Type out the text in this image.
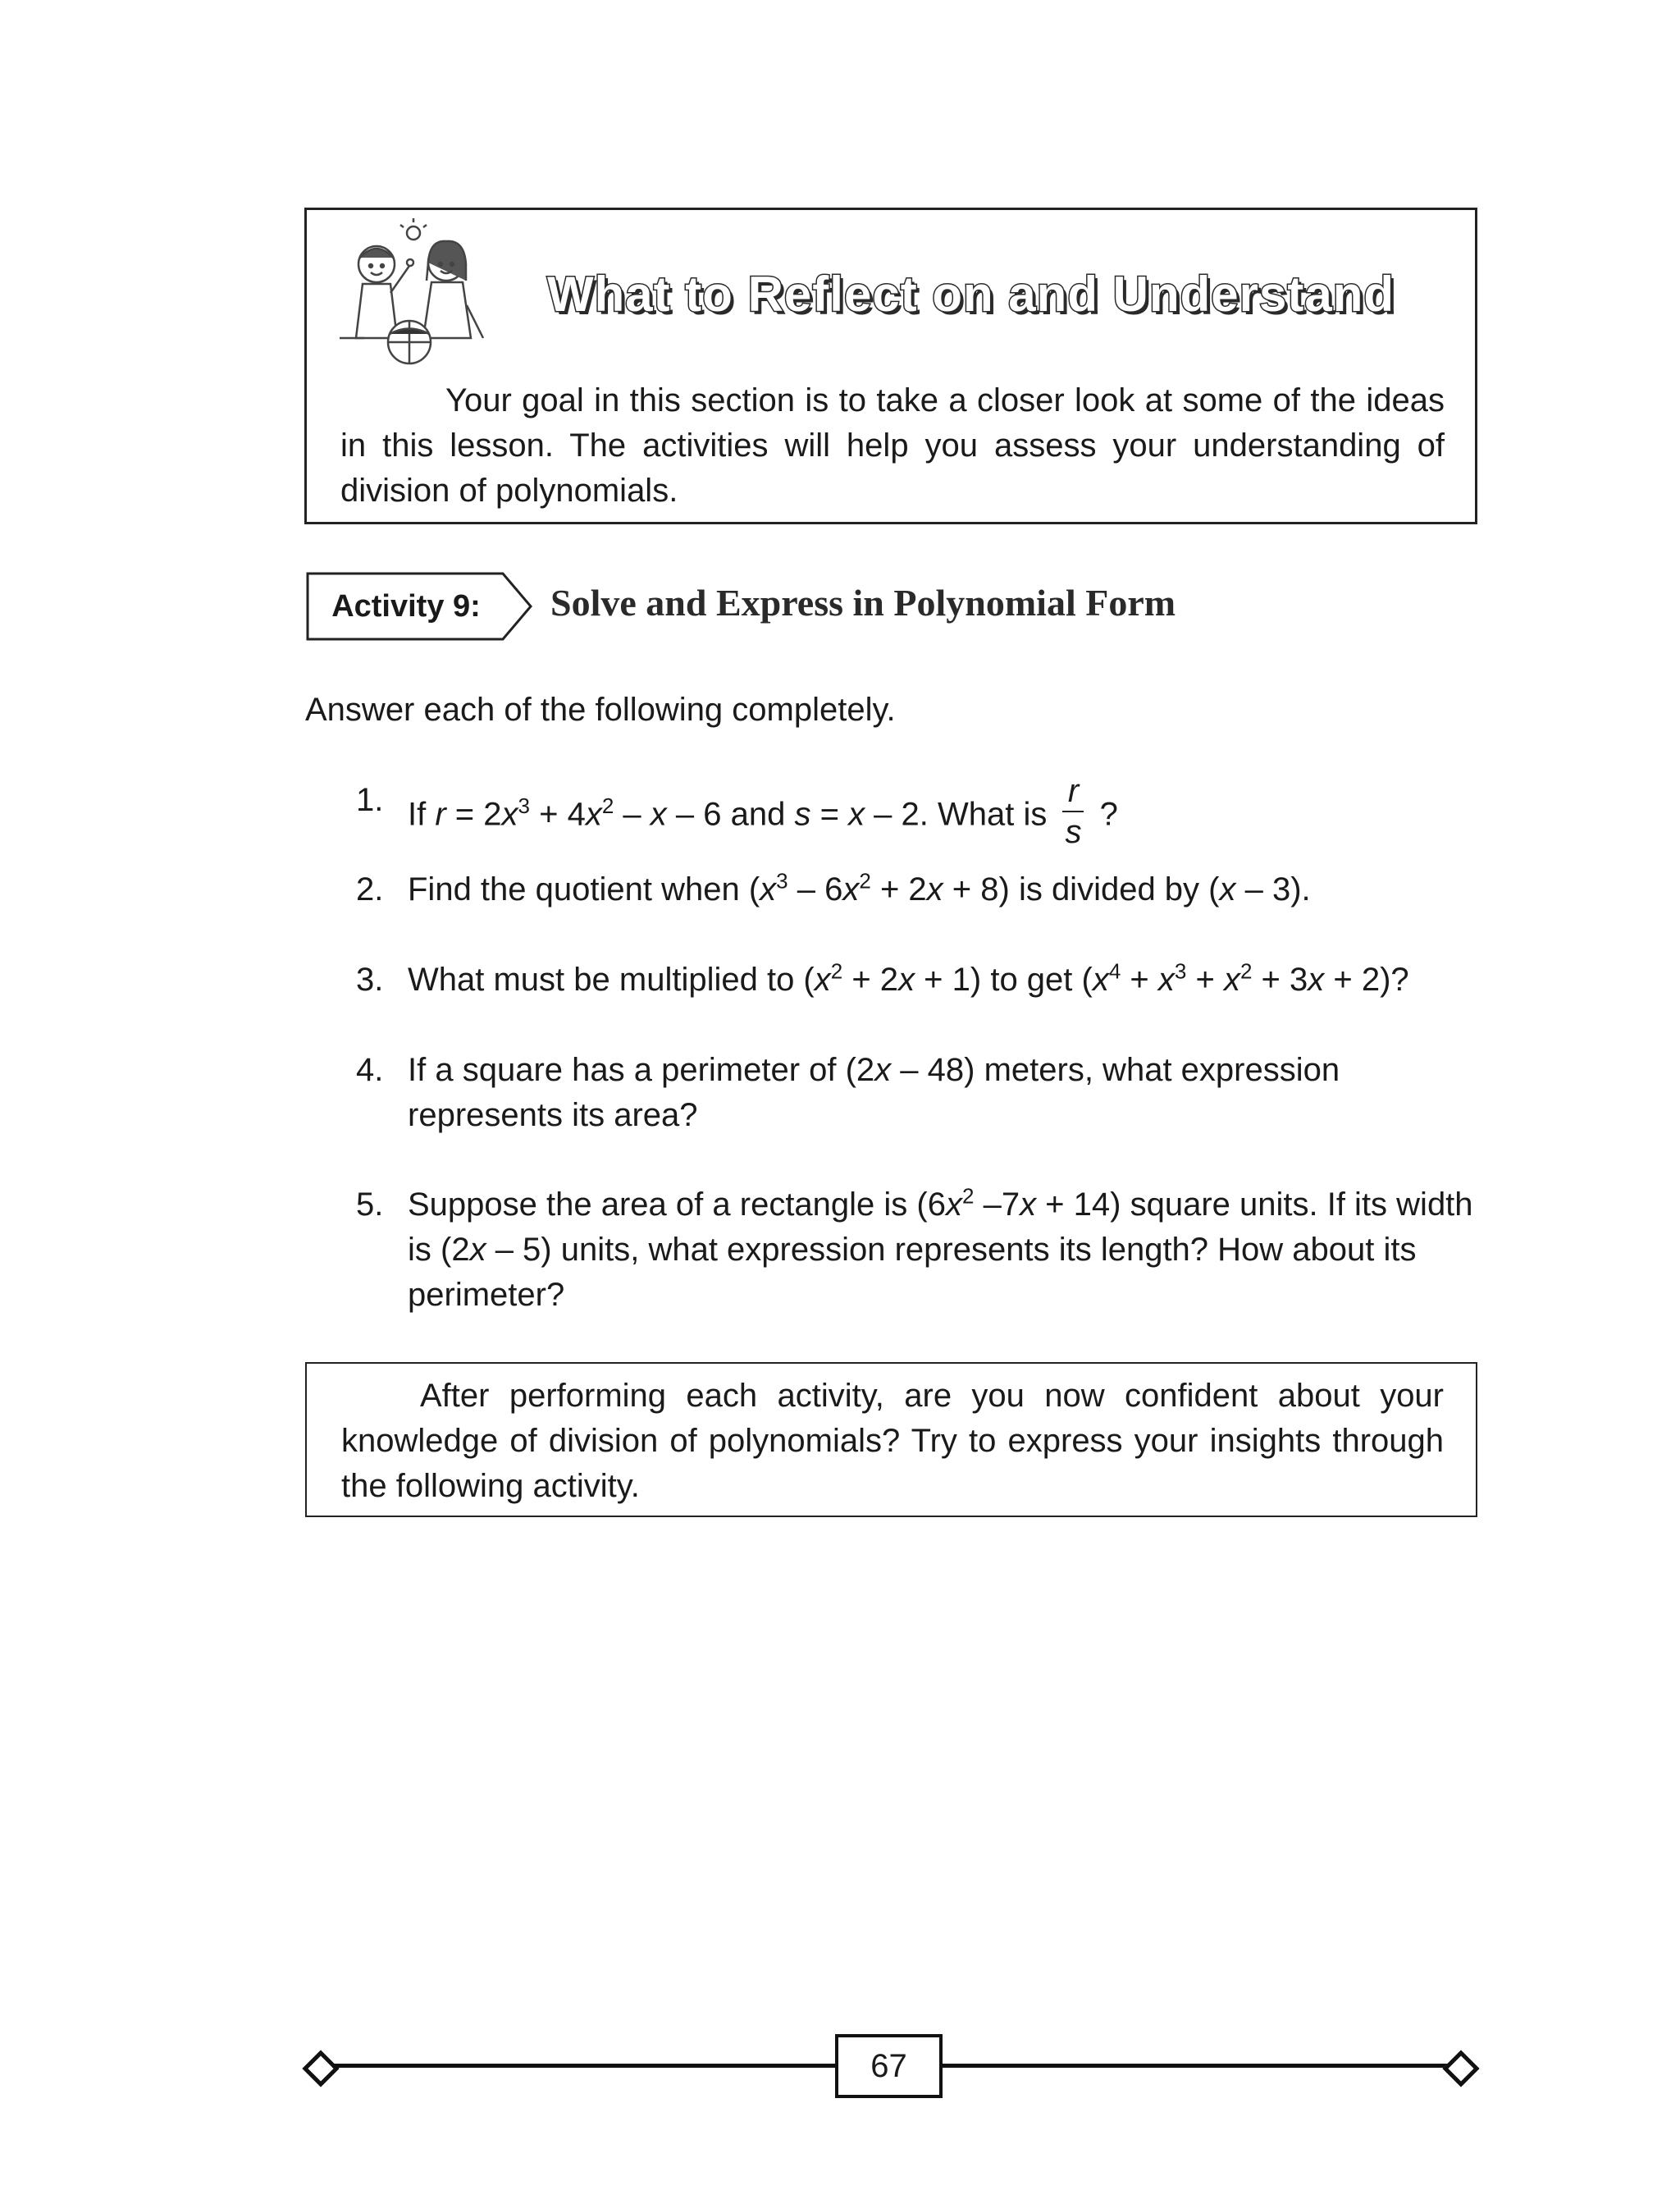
What to Reflect on and Understand
Your goal in this section is to take a closer look at some of the ideas in this lesson. The activities will help you assess your understanding of division of polynomials.
Activity 9:	Solve and Express in Polynomial Form
Answer each of the following completely.
1. If $r = 2x^3 + 4x^2 - x - 6$ and s = x – 2. What is $\frac{r}{s}$ ?
2. Find the quotient when $(x^3 - 6x^2 + 2x + 8)$ is divided by (x – 3).
3. What must be multiplied to $(x^2 + 2x + 1)$ to get $(x^4 + x^3 + x^2 + 3x + 2)$?
4. If a square has a perimeter of (2x – 48) meters, what expression represents its area?
5. Suppose the area of a rectangle is ($6x^2$ –7x + 14) square units. If its width is (2x – 5) units, what expression represents its length? How about its perimeter?
After performing each activity, are you now confident about your knowledge of division of polynomials? Try to express your insights through the following activity.
67
